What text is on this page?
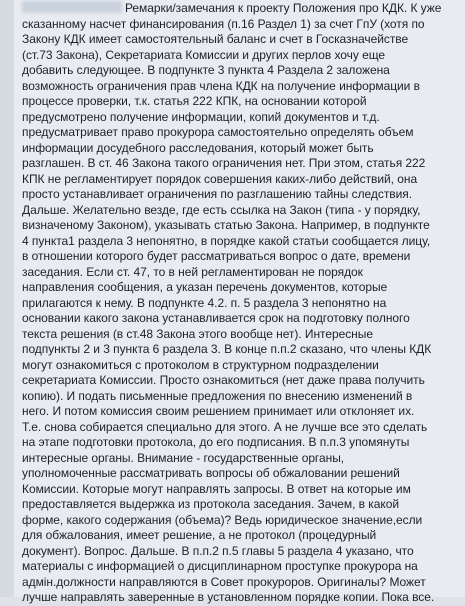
Ремарки/замечания к проекту Положения про КДК. К уже
сказанному насчет финансирования (п.16 Раздел 1) за счет ГпУ (хотя по
Закону КДК имеет самостоятельный баланс и счет в Госказначействе
(ст.73 Закона), Секретариата Комиссии и других перлов хочу еще
добавить следующее. В подпункте 3 пункта 4 Раздела 2 заложена
возможность ограничения прав члена КДК на получение информации в
процессе проверки, т.к. статья 222 КПК, на основании которой
предусмотрено получение информации, копий документов и т.д.
предусматривает право прокурора самостоятельно определять объем
информации досудебного расследования, который может быть
разглашен. В ст. 46 Закона такого ограничения нет. При этом, статья 222
КПК не регламентирует порядок совершения каких-либо действий, она
просто устанавливает ограничения по разглашению тайны следствия.
Дальше. Желательно везде, где есть ссылка на Закон (типа - у порядку,
визначеному Законом), указывать статью Закона. Например, в подпункте
4 пункта1 раздела 3 непонятно, в порядке какой статьи сообщается лицу,
в отношении которого будет рассматриваться вопрос о дате, времени
заседания. Если ст. 47, то в ней регламентирован не порядок
направления сообщения, а указан перечень документов, которые
прилагаются к нему. В подпункте 4.2. п. 5 раздела 3 непонятно на
основании какого закона устанавливается срок на подготовку полного
текста решения (в ст.48 Закона этого вообще нет). Интересные
подпункты 2 и 3 пункта 6 раздела 3. В конце п.п.2 сказано, что члены КДК
могут ознакомиться с протоколом в структурном подразделении
секретариата Комиссии. Просто ознакомиться (нет даже права получить
копию). И подать письменные предложения по внесению изменений в
него. И потом комиссия своим решением принимает или отклоняет их.
Т.е. снова собирается специально для этого. А не лучше все это сделать
на этапе подготовки протокола, до его подписания. В п.п.3 упомянуты
интересные органы. Внимание - государственные органы,
уполномоченные рассматривать вопросы об обжаловании решений
Комиссии. Которые могут направлять запросы. В ответ на которые им
предоставляется выдержка из протокола заседания. Зачем, в какой
форме, какого содержания (объема)? Ведь юридическое значение,если
для обжалования, имеет решение, а не протокол (процедурный
документ). Вопрос. Дальше. В п.п.2 п.5 главы 5 раздела 4 указано, что
материалы с информацией о дисциплинарном проступке прокурора на
адмін.должности направляются в Совет прокуроров. Оригиналы? Может
лучше направлять заверенные в установленном порядке копии. Пока все.
